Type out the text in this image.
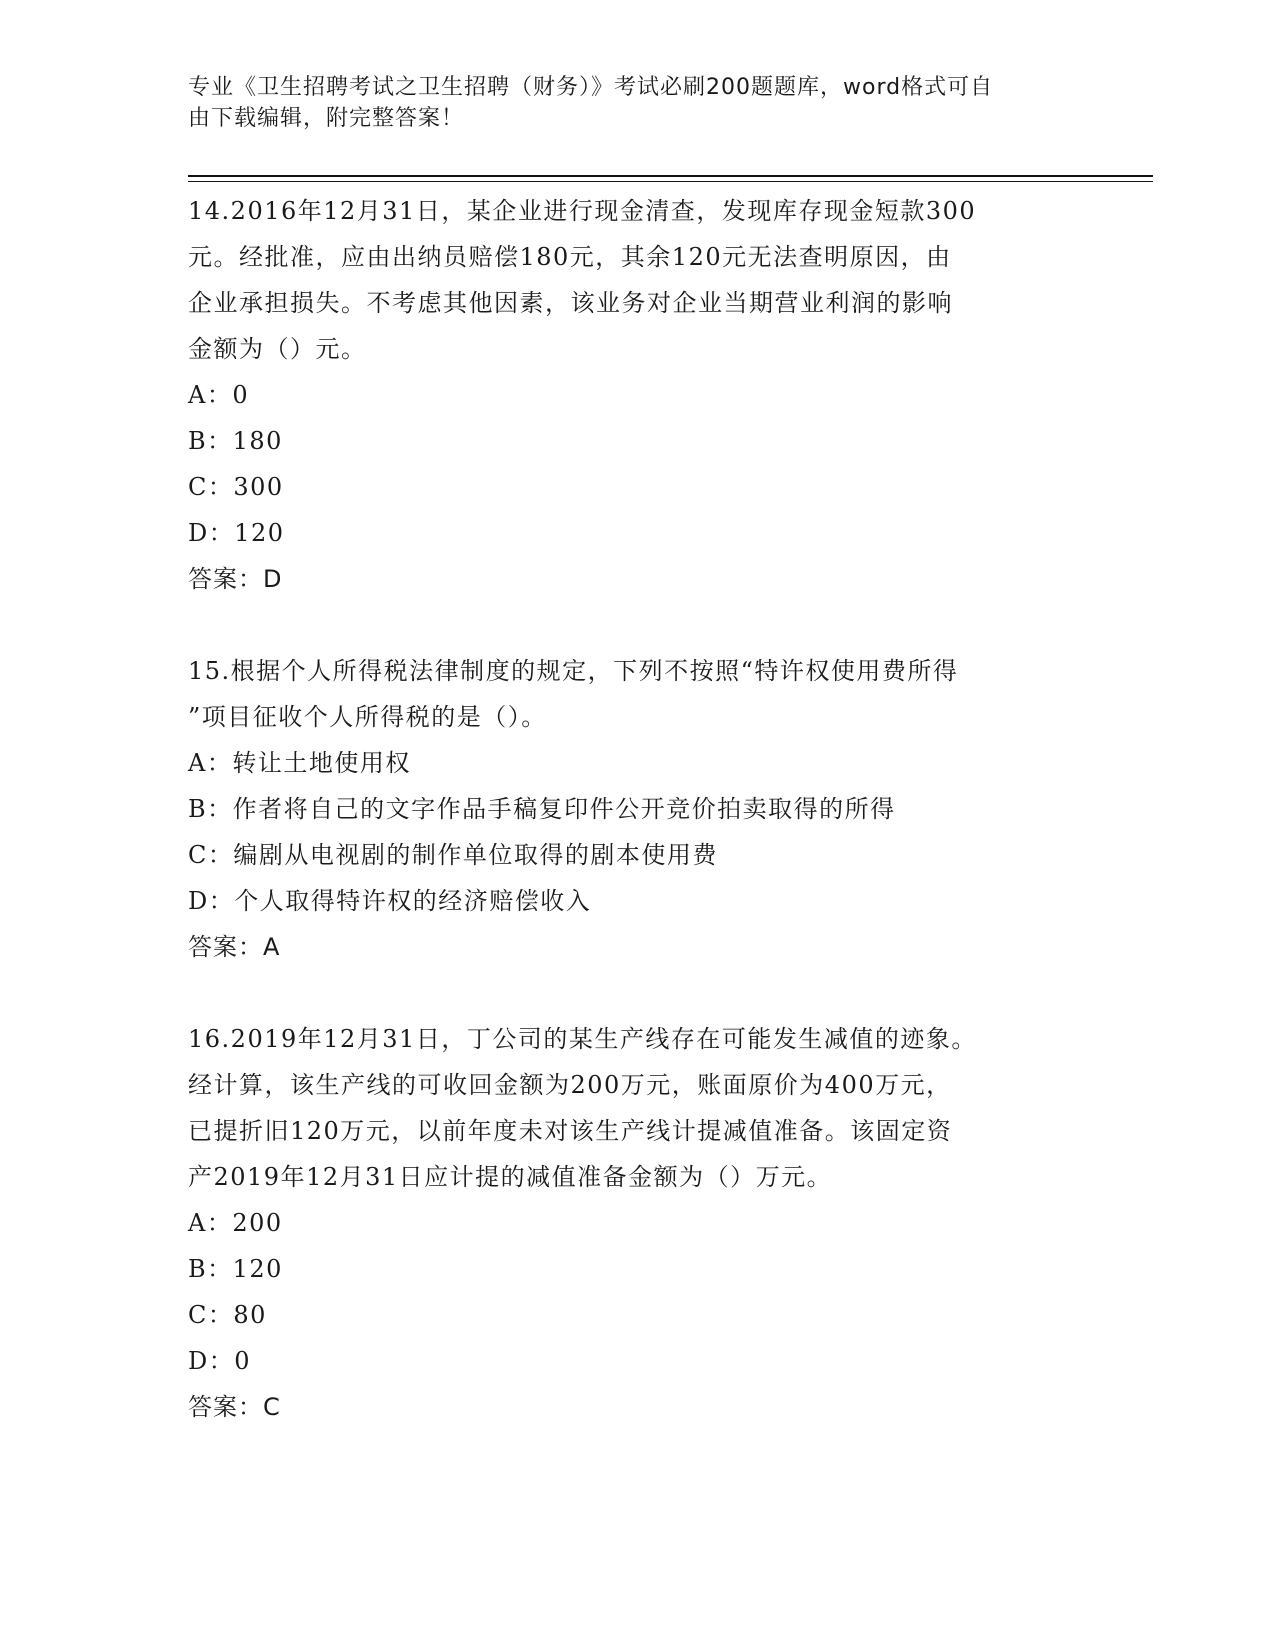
专业《卫生招聘考试之卫生招聘（财务）》考试必刷200题题库，word格式可自
由下载编辑，附完整答案！
14.2016年12月31日，某企业进行现金清查，发现库存现金短款300
元。经批准，应由出纳员赔偿180元，其余120元无法查明原因，由
企业承担损失。不考虑其他因素，该业务对企业当期营业利润的影响
金额为（）元。
A：0
B：180
C：300
D：120
答案：D
15.根据个人所得税法律制度的规定，下列不按照“特许权使用费所得
”项目征收个人所得税的是（）。
A：转让土地使用权
B：作者将自己的文字作品手稿复印件公开竞价拍卖取得的所得
C：编剧从电视剧的制作单位取得的剧本使用费
D：个人取得特许权的经济赔偿收入
答案：A
16.2019年12月31日，丁公司的某生产线存在可能发生减值的迹象。
经计算，该生产线的可收回金额为200万元，账面原价为400万元，
已提折旧120万元，以前年度未对该生产线计提减值准备。该固定资
产2019年12月31日应计提的减值准备金额为（）万元。
A：200
B：120
C：80
D：0
答案：C
